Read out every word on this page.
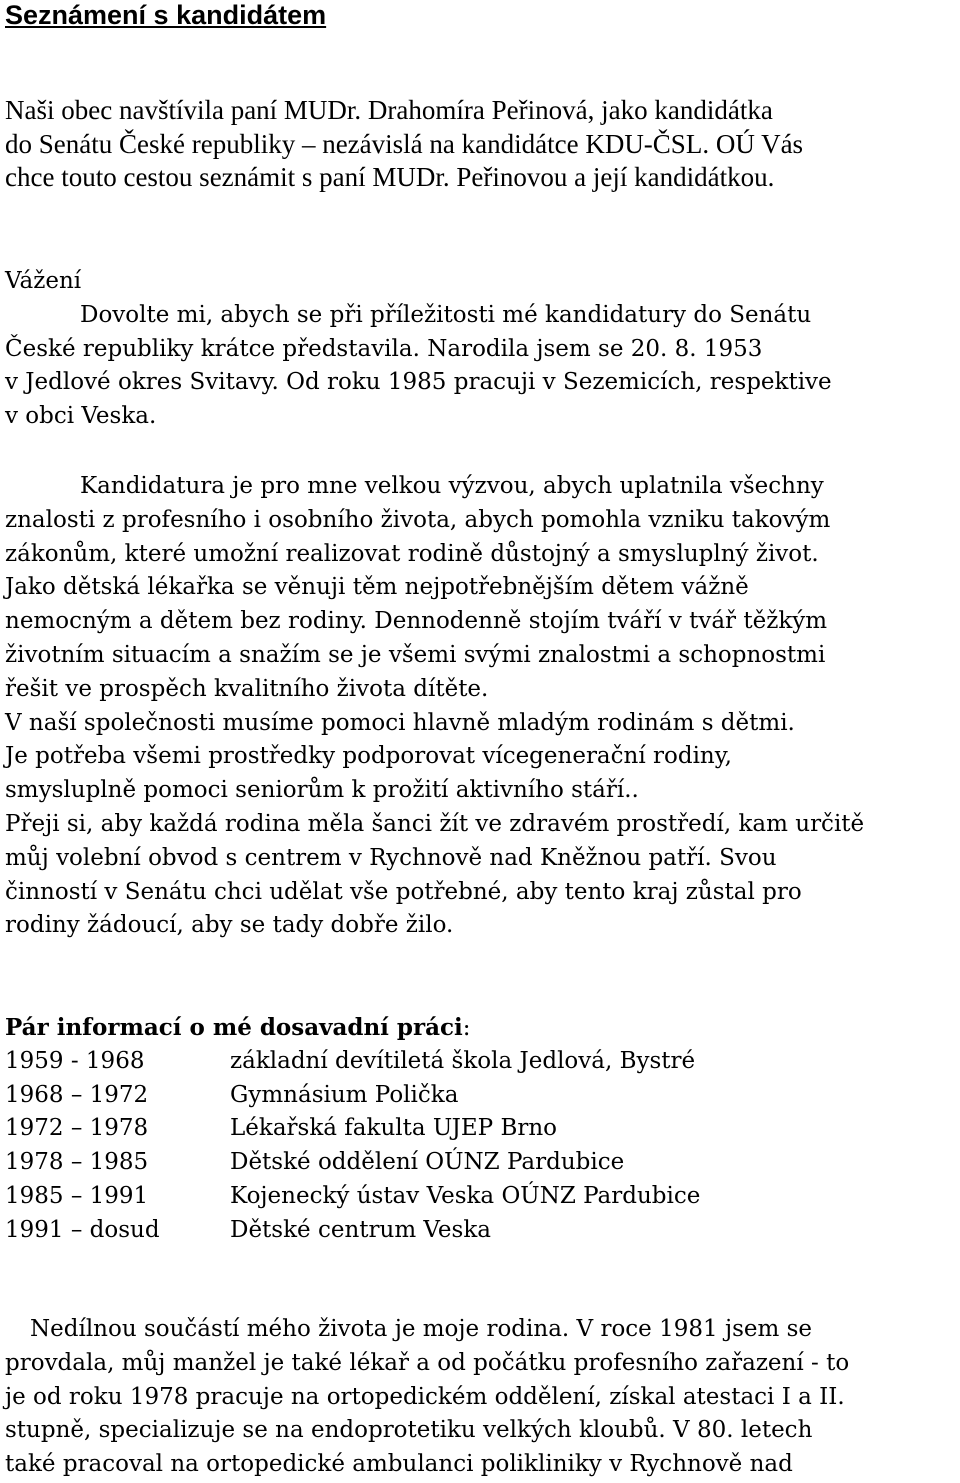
Seznámení s kandidátem

Naši obec navštívila paní MUDr. Drahomíra Peřinová, jako kandidátka

do Senátu České republiky – nezávislá na kandidátce KDU-ČSL. OÚ Vás

chce touto cestou seznámit s paní MUDr. Peřinovou a její kandidátkou.

Vážení

Dovolte mi, abych se při příležitosti mé kandidatury do Senátu

České republiky krátce představila. Narodila jsem se 20. 8. 1953

v Jedlové okres Svitavy. Od roku 1985 pracuji v Sezemicích, respektive

v obci Veska.

Kandidatura je pro mne velkou výzvou, abych uplatnila všechny

znalosti z profesního i osobního života, abych pomohla vzniku takovým

zákonům, které umožní realizovat rodině důstojný a smysluplný život.

Jako dětská lékařka se věnuji těm nejpotřebnějším dětem vážně

nemocným a dětem bez rodiny. Dennodenně stojím tváří v tvář těžkým

životním situacím a snažím se je všemi svými znalostmi a schopnostmi

řešit ve prospěch kvalitního života dítěte.

V naší společnosti musíme pomoci hlavně mladým rodinám s dětmi.

Je potřeba všemi prostředky podporovat vícegenerační rodiny,

smysluplně pomoci seniorům k prožití aktivního stáří..

Přeji si, aby každá rodina měla šanci žít ve zdravém prostředí, kam určitě

můj volební obvod s centrem v Rychnově nad Kněžnou patří. Svou

činností v Senátu chci udělat vše potřebné, aby tento kraj zůstal pro

rodiny žádoucí, aby se tady dobře žilo.

Pár informací o mé dosavadní práci:
1959 - 1968	základní devítiletá škola Jedlová, Bystré
1968 – 1972	Gymnásium Polička
1972 – 1978	Lékařská fakulta UJEP Brno
1978 – 1985	Dětské oddělení OÚNZ Pardubice
1985 – 1991	Kojenecký ústav Veska OÚNZ Pardubice
1991 – dosud	Dětské centrum Veska

Nedílnou součástí mého života je moje rodina. V roce 1981 jsem se

provdala, můj manžel je také lékař a od počátku profesního zařazení - to

je od roku 1978 pracuje na ortopedickém oddělení, získal atestaci I a II.

stupně, specializuje se na endoprotetiku velkých kloubů. V 80. letech

také pracoval na ortopedické ambulanci polikliniky v Rychnově nad
